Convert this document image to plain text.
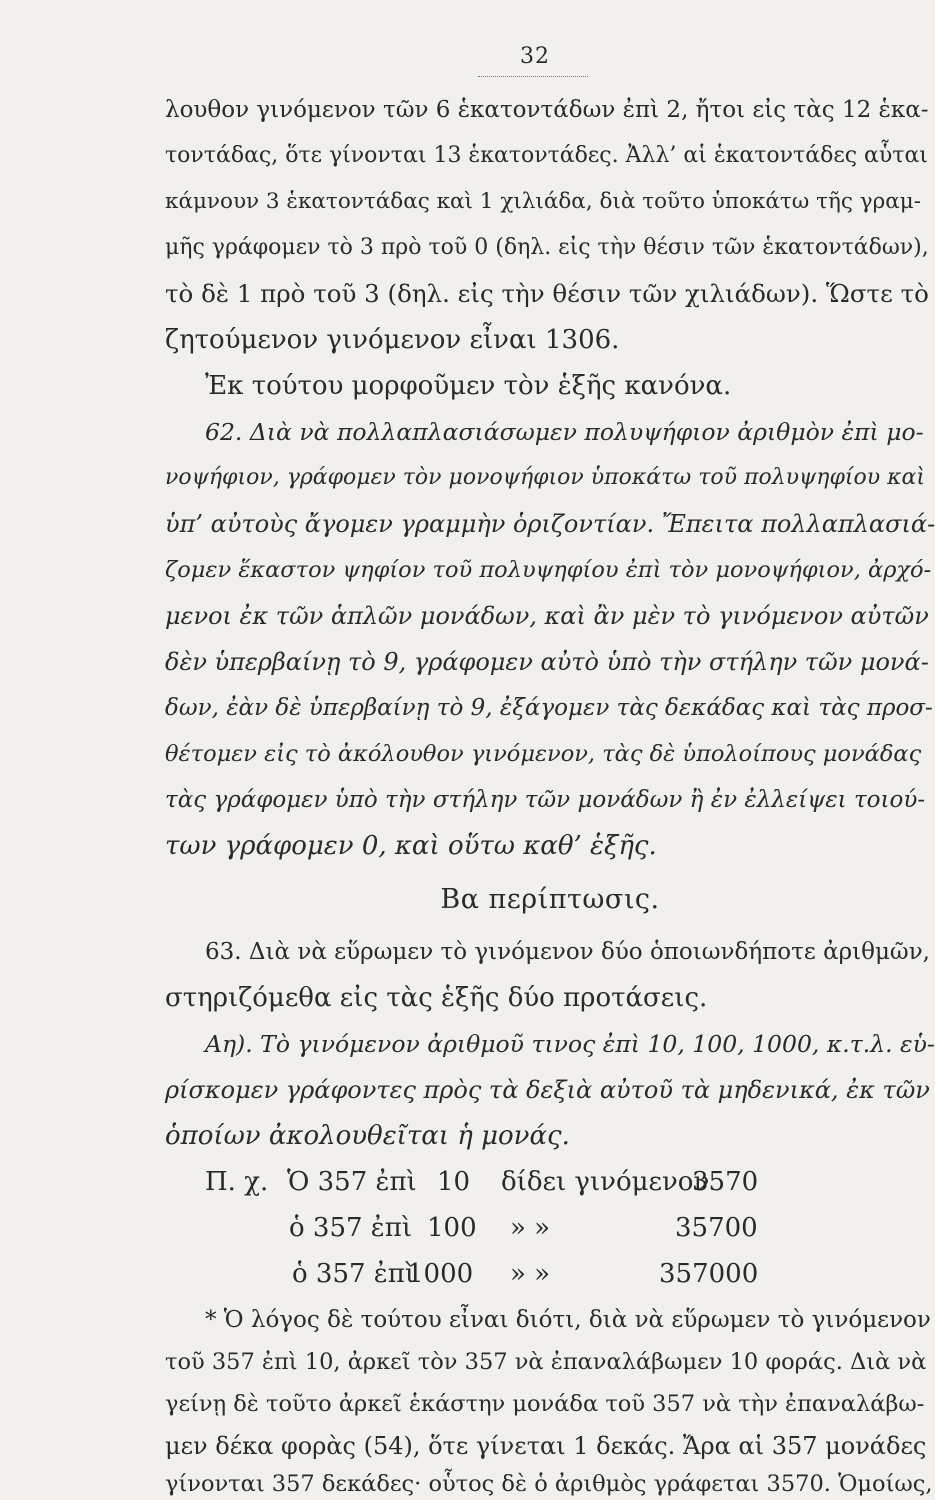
32
λουθον γινόμενον τῶν 6 ἑκατοντάδων ἐπὶ 2, ἤτοι εἰς τὰς 12 ἑκα-
τοντάδας, ὅτε γίνονται 13 ἑκατοντάδες. Ἀλλ’ αἱ ἑκατοντάδες αὗται
κάμνουν 3 ἑκατοντάδας καὶ 1 χιλιάδα, διὰ τοῦτο ὑποκάτω τῆς γραμ-
μῆς γράφομεν τὸ 3 πρὸ τοῦ 0 (δηλ. εἰς τὴν θέσιν τῶν ἑκατοντάδων),
τὸ δὲ 1 πρὸ τοῦ 3 (δηλ. εἰς τὴν θέσιν τῶν χιλιάδων). Ὥστε τὸ
ζητούμενον γινόμενον εἶναι 1306.
Ἐκ τούτου μορφοῦμεν τὸν ἑξῆς κανόνα.
62. Διὰ νὰ πολλαπλασιάσωμεν πολυψήφιον ἀριθμὸν ἐπὶ μο-
νοψήφιον, γράφομεν τὸν μονοψήφιον ὑποκάτω τοῦ πολυψηφίου καὶ
ὑπ’ αὐτοὺς ἄγομεν γραμμὴν ὁριζοντίαν. Ἔπειτα πολλαπλασιά-
ζομεν ἕκαστον ψηφίον τοῦ πολυψηφίου ἐπὶ τὸν μονοψήφιον, ἀρχό-
μενοι ἐκ τῶν ἁπλῶν μονάδων, καὶ ἂν μὲν τὸ γινόμενον αὐτῶν
δὲν ὑπερβαίνῃ τὸ 9, γράφομεν αὐτὸ ὑπὸ τὴν στήλην τῶν μονά-
δων, ἐὰν δὲ ὑπερβαίνῃ τὸ 9, ἐξάγομεν τὰς δεκάδας καὶ τὰς προσ-
θέτομεν εἰς τὸ ἀκόλουθον γινόμενον, τὰς δὲ ὑπολοίπους μονάδας
τὰς γράφομεν ὑπὸ τὴν στήλην τῶν μονάδων ἢ ἐν ἐλλείψει τοιού-
των γράφομεν 0, καὶ οὕτω καθ’ ἑξῆς.
Βα περίπτωσις.
63. Διὰ νὰ εὕρωμεν τὸ γινόμενον δύο ὁποιωνδήποτε ἀριθμῶν,
στηριζόμεθα εἰς τὰς ἑξῆς δύο προτάσεις.
Αη). Τὸ γινόμενον ἀριθμοῦ τινος ἐπὶ 10, 100, 1000, κ.τ.λ. εὑ-
ρίσκομεν γράφοντες πρὸς τὰ δεξιὰ αὐτοῦ τὰ μηδενικά, ἐκ τῶν
ὁποίων ἀκολουθεῖται ἡ μονάς.
Π. χ. Ὁ 357 ἐπὶ 10 δίδει γινόμενον
3570
ὁ 357 ἐπὶ 100 » »	35700
ὁ 357 ἐπὶ
1000 » »	357000
* Ὁ λόγος δὲ τούτου εἶναι διότι, διὰ νὰ εὕρωμεν τὸ γινόμενον
τοῦ 357 ἐπὶ 10, ἀρκεῖ τὸν 357 νὰ ἐπαναλάβωμεν 10 φοράς. Διὰ νὰ
γείνῃ δὲ τοῦτο ἀρκεῖ ἑκάστην μονάδα τοῦ 357 νὰ τὴν ἐπαναλάβω-
μεν δέκα φορὰς (54), ὅτε γίνεται 1 δεκάς. Ἄρα αἱ 357 μονάδες
γίνονται 357 δεκάδες· οὗτος δὲ ὁ ἀριθμὸς γράφεται 3570. Ὁμοίως,
